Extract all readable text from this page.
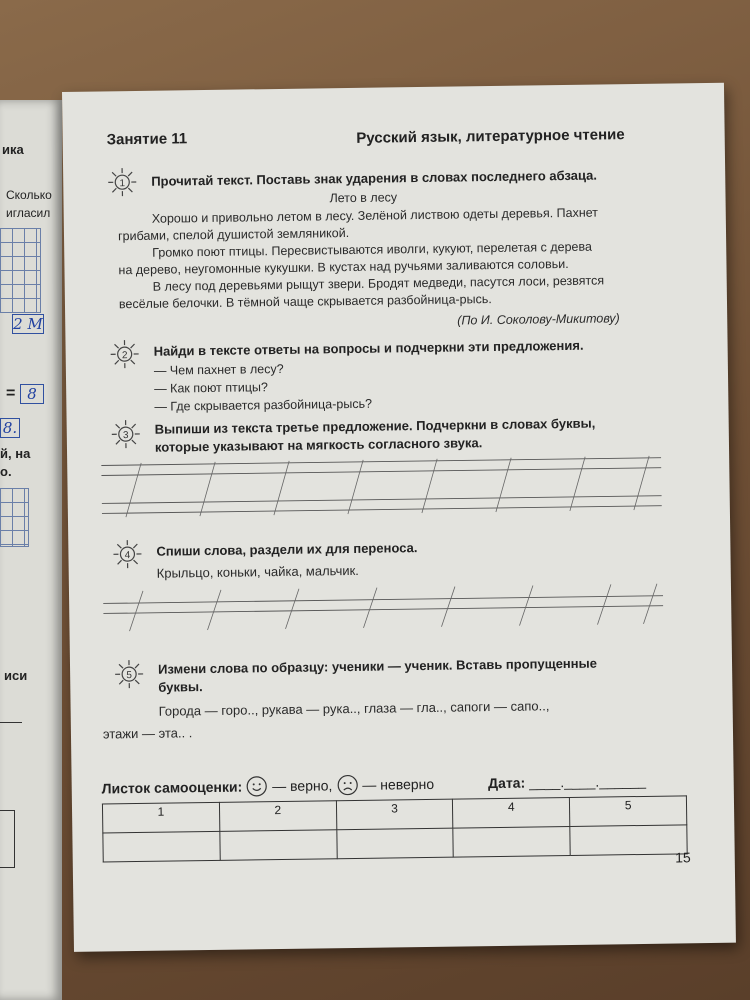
ика
Сколько
игласил
2 M
= 8
8.
й, на
о.
иси
Занятие 11	Русский язык, литературное чтение
1 Прочитай текст. Поставь знак ударения в словах последнего абзаца.
Лето в лесу
Хорошо и привольно летом в лесу. Зелёной листвою одеты деревья. Пахнет
грибами, спелой душистой земляникой.
Громко поют птицы. Пересвистываются иволги, кукуют, перелетая с дерева
на дерево, неугомонные кукушки. В кустах над ручьями заливаются соловьи.
В лесу под деревьями рыщут звери. Бродят медведи, пасутся лоси, резвятся
весёлые белочки. В тёмной чаще скрывается разбойница-рысь.
(По И. Соколову-Микитову)
2 Найди в тексте ответы на вопросы и подчеркни эти предложения.
— Чем пахнет в лесу?
— Как поют птицы?
— Где скрывается разбойница-рысь?
3 Выпиши из текста третье предложение. Подчеркни в словах буквы,
которые указывают на мягкость согласного звука.
4 Спиши слова, раздели их для переноса.
Крыльцо, коньки, чайка, мальчик.
5 Измени слова по образцу: ученики — ученик. Вставь пропущенные
буквы.
Города — горо.., рукава — рука.., глаза — гла.., сапоги — сапо..,
этажи — эта.. .
Листок самооценки: — верно, — неверно	Дата: ____.____.______
1	2	3	4	5

15
